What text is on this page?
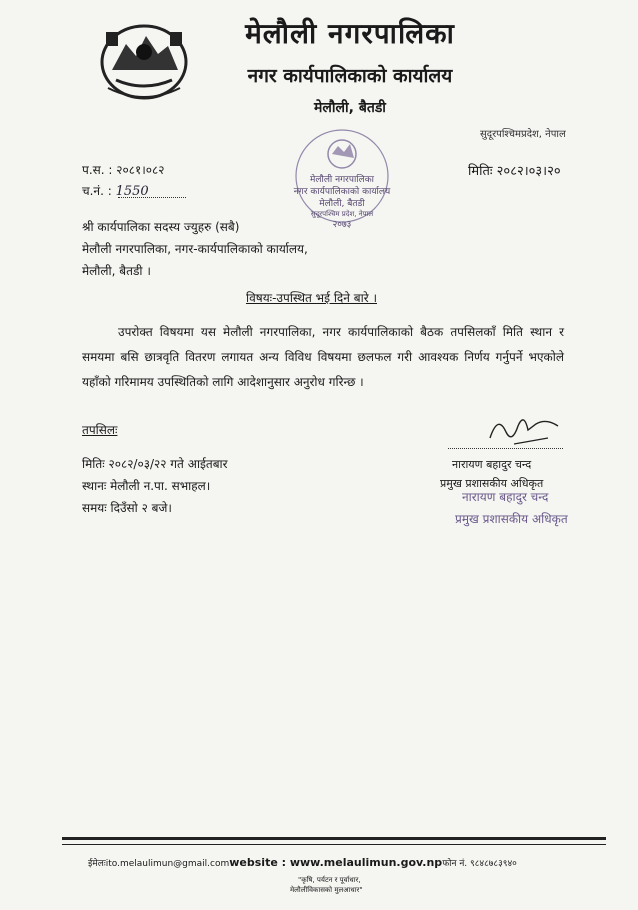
मेलौली नगरपालिका
नगर कार्यपालिकाको कार्यालय
मेलौली, बैतडी
सुदूरपश्चिमप्रदेश, नेपाल
मेलौली नगरपालिका
नगर कार्यपालिकाको कार्यालय
मेलौली, बैतडी
सुदूरपश्चिम प्रदेश, नेपाल
२०७३
प.स. : २०८१।०८२
च.नं. : 1550
मितिः २०८२।०३।२०
श्री कार्यपालिका सदस्य ज्युहरु (सबै)
मेलौली नगरपालिका, नगर-कार्यपालिकाको कार्यालय,
मेलौली, बैतडी ।
विषयः-उपस्थित भई दिने बारे ।
उपरोक्त विषयमा यस मेलौली नगरपालिका, नगर कार्यपालिकाको बैठक तपसिलकाँ मिति स्थान र समयमा बसि छात्रवृति वितरण लगायत अन्य विविध विषयमा छलफल गरी आवश्यक निर्णय गर्नुपर्ने भएकोले यहाँको गरिमामय उपस्थितिको लागि आदेशानुसार अनुरोध गरिन्छ ।
तपसिलः
मितिः २०८२/०३/२२ गते आईतबार
स्थानः मेलौली न.पा. सभाहल।
समयः दिउँसो २ बजे।
नारायण बहादुर चन्द
प्रमुख प्रशासकीय अधिकृत
नारायण बहादुर चन्द
प्रमुख प्रशासकीय अधिकृत
ईमेलःito.melaulimun@gmail.comwebsite : www.melaulimun.gov.npफोन नं. ९८४८७८३९४०
"कृषि, पर्यटन र पूर्वाधार,
मेलौलीविकासको मुलआधार"
